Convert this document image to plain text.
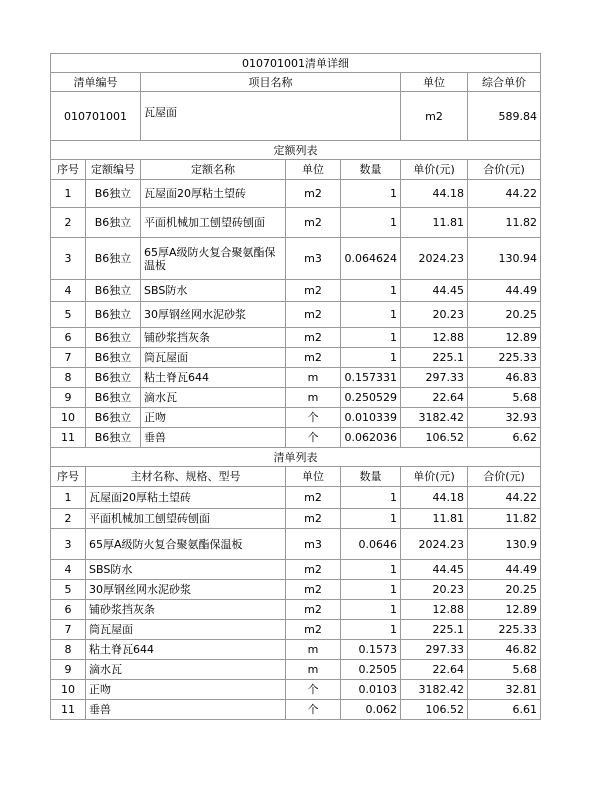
010701001清单详细						
清单编号		项目名称			单位	综合单价
010701001		瓦屋面			m2	589.84
定额列表						
序号	定额编号	定额名称	单位	数量	单价(元)	合价(元)
1	B6独立	瓦屋面20厚粘土望砖	m2	1	44.18	44.22
2	B6独立	平面机械加工刨望砖刨面	m2	1	11.81	11.82
3	B6独立	65厚A级防火复合聚氨酯保温板	m3	0.064624	2024.23	130.94
4	B6独立	SBS防水	m2	1	44.45	44.49
5	B6独立	30厚钢丝网水泥砂浆	m2	1	20.23	20.25
6	B6独立	铺砂浆挡灰条	m2	1	12.88	12.89
7	B6独立	筒瓦屋面	m2	1	225.1	225.33
8	B6独立	粘土脊瓦644	m	0.157331	297.33	46.83
9	B6独立	滴水瓦	m	0.250529	22.64	5.68
10	B6独立	正吻	个	0.010339	3182.42	32.93
11	B6独立	垂兽	个	0.062036	106.52	6.62
清单列表						
序号	主材名称、规格、型号		单位	数量	单价(元)	合价(元)
1	瓦屋面20厚粘土望砖		m2	1	44.18	44.22
2	平面机械加工刨望砖刨面		m2	1	11.81	11.82
3	65厚A级防火复合聚氨酯保温板		m3	0.0646	2024.23	130.9
4	SBS防水		m2	1	44.45	44.49
5	30厚钢丝网水泥砂浆		m2	1	20.23	20.25
6	铺砂浆挡灰条		m2	1	12.88	12.89
7	筒瓦屋面		m2	1	225.1	225.33
8	粘土脊瓦644		m	0.1573	297.33	46.82
9	滴水瓦		m	0.2505	22.64	5.68
10	正吻		个	0.0103	3182.42	32.81
11	垂兽		个	0.062	106.52	6.61
